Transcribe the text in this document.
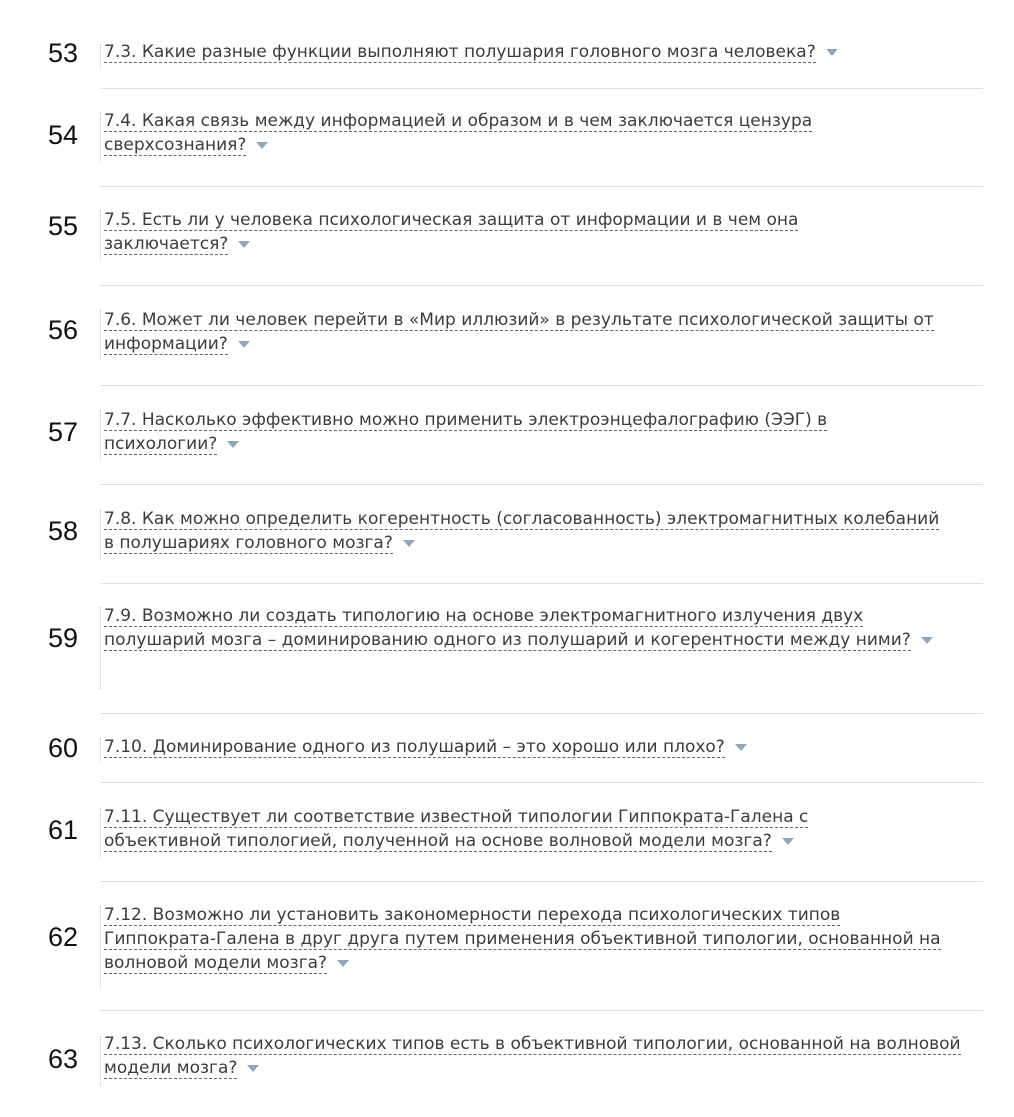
53 7.3. Какие разные функции выполняют полушария головного мозга человека?
54 7.4. Какая связь между информацией и образом и в чем заключается цензура сверхсознания?
55 7.5. Есть ли у человека психологическая защита от информации и в чем она заключается?
56 7.6. Может ли человек перейти в «Мир иллюзий» в результате психологической защиты от информации?
57 7.7. Насколько эффективно можно применить электроэнцефалографию (ЭЭГ) в психологии?
58 7.8. Как можно определить когерентность (согласованность) электромагнитных колебаний в полушариях головного мозга?
59
7.9. Возможно ли создать типологию на основе электромагнитного излучения двух полушарий мозга – доминированию одного из полушарий и когерентности между ними?
60 7.10. Доминирование одного из полушарий – это хорошо или плохо?
61 7.11. Существует ли соответствие известной типологии Гиппократа-Галена с объективной типологией, полученной на основе волновой модели мозга?
62
7.12. Возможно ли установить закономерности перехода психологических типов Гиппократа-Галена в друг друга путем применения объективной типологии, основанной на волновой модели мозга?
63 7.13. Сколько психологических типов есть в объективной типологии, основанной на волновой модели мозга?
